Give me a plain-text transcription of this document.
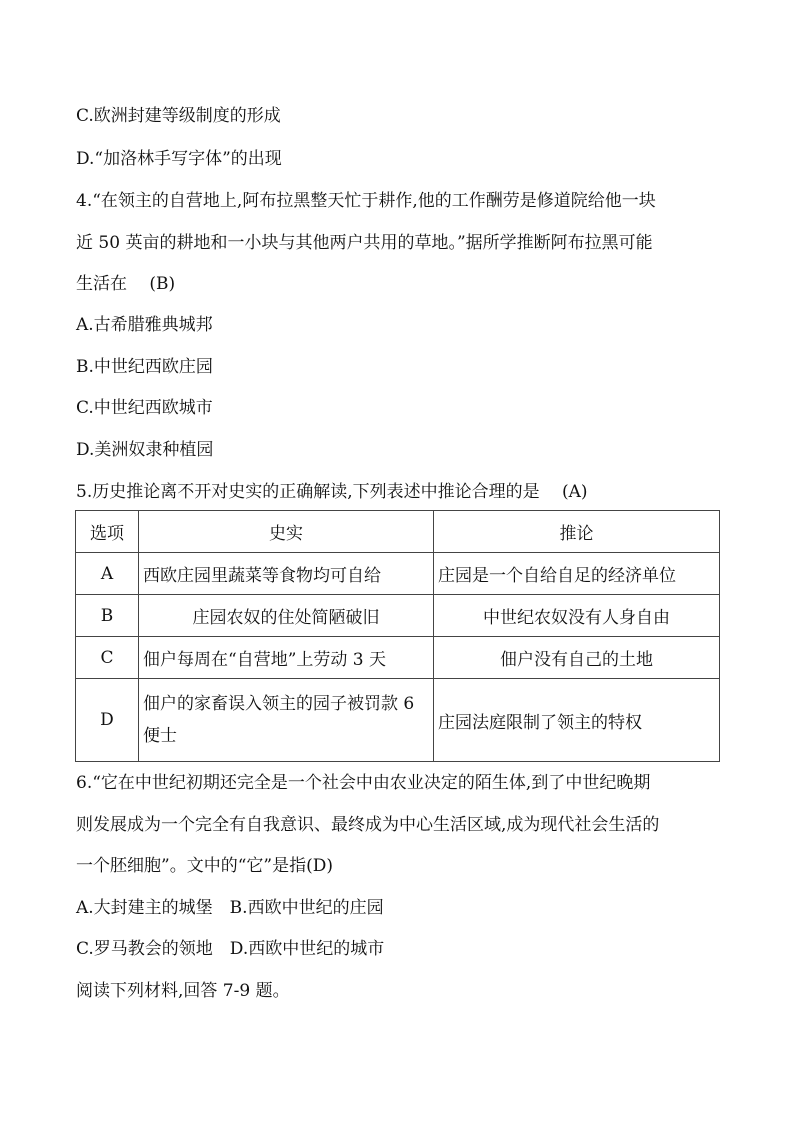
C.欧洲封建等级制度的形成
D.“加洛林手写字体”的出现
4.“在领主的自营地上,阿布拉黑整天忙于耕作,他的工作酬劳是修道院给他一块
近 50 英亩的耕地和一小块与其他两户共用的草地。”据所学推断阿布拉黑可能
生活在　 (B)
A.古希腊雅典城邦
B.中世纪西欧庄园
C.中世纪西欧城市
D.美洲奴隶种植园
5.历史推论离不开对史实的正确解读,下列表述中推论合理的是　 (A)
选项	史实	推论
A	西欧庄园里蔬菜等食物均可自给	庄园是一个自给自足的经济单位
B	庄园农奴的住处简陋破旧	中世纪农奴没有人身自由
C	佃户每周在“自营地”上劳动 3 天	佃户没有自己的土地
D	佃户的家畜误入领主的园子被罚款 6 便士	庄园法庭限制了领主的特权
6.“它在中世纪初期还完全是一个社会中由农业决定的陌生体,到了中世纪晚期
则发展成为一个完全有自我意识、最终成为中心生活区域,成为现代社会生活的
一个胚细胞”。文中的“它”是指(D)
A.大封建主的城堡　B.西欧中世纪的庄园
C.罗马教会的领地　D.西欧中世纪的城市
阅读下列材料,回答 7-9 题。
